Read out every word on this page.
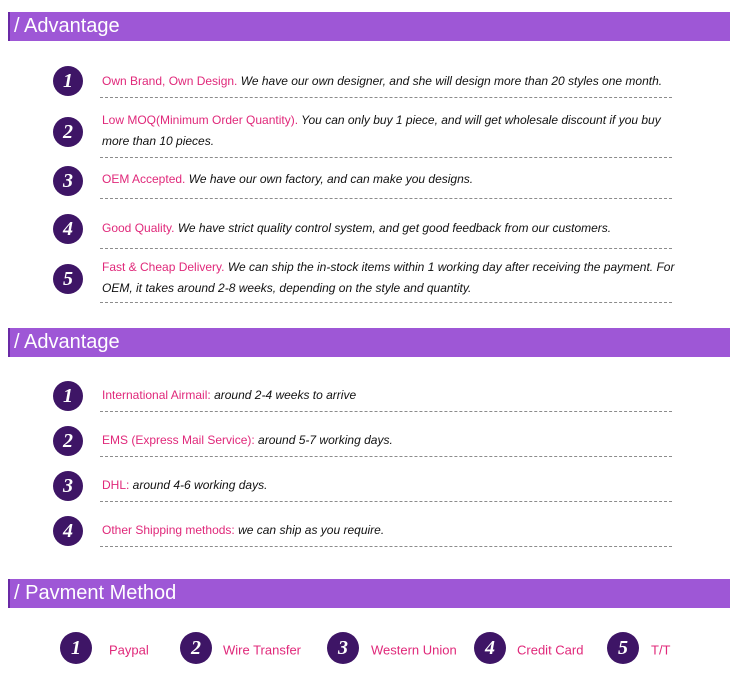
/ Advantage
1	Own Brand, Own Design. We have our own designer, and she will design more than 20 styles one month.
2
Low MOQ(Minimum Order Quantity). You can only buy 1 piece, and will get wholesale discount if you buy more than 10 pieces.
3	OEM Accepted. We have our own factory, and can make you designs.
4	Good Quality. We have strict quality control system, and get good feedback from our customers.
5
Fast & Cheap Delivery. We can ship the in-stock items within 1 working day after receiving the payment. For OEM, it takes around 2-8 weeks, depending on the style and quantity.
/ Advantage
1	International Airmail: around 2-4 weeks to arrive
2	EMS (Express Mail Service): around 5-7 working days.
3	DHL: around 4-6 working days.
4	Other Shipping methods: we can ship as you require.
/ Pavment Method
1	Paypal	2	Wire Transfer	3	Western Union	4	Credit Card	5	T/T
